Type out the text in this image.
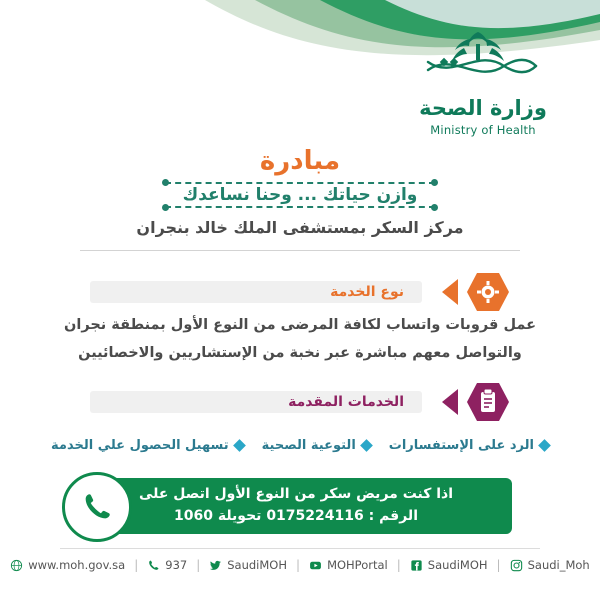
وزارة الصحة
Ministry of Health
مبادرة
وازن حياتك ... وحنا نساعدك
مركز السكر بمستشفى الملك خالد بنجران
نوع الخدمة
عمل قروبات واتساب لكافة المرضى من النوع الأول بمنطقة نجران والتواصل معهم مباشرة عبر نخبة من الإستشاريين والاخصائيين
الخدمات المقدمة
الرد على الإستفسارات
التوعية الصحية
تسهيل الحصول علي الخدمة
اذا كنت مريض سكر من النوع الأول اتصل على
الرقم : 0175224116 تحويلة 1060
www.moh.gov.sa | 937 | SaudiMOH | MOHPortal | SaudiMOH | Saudi_Moh
